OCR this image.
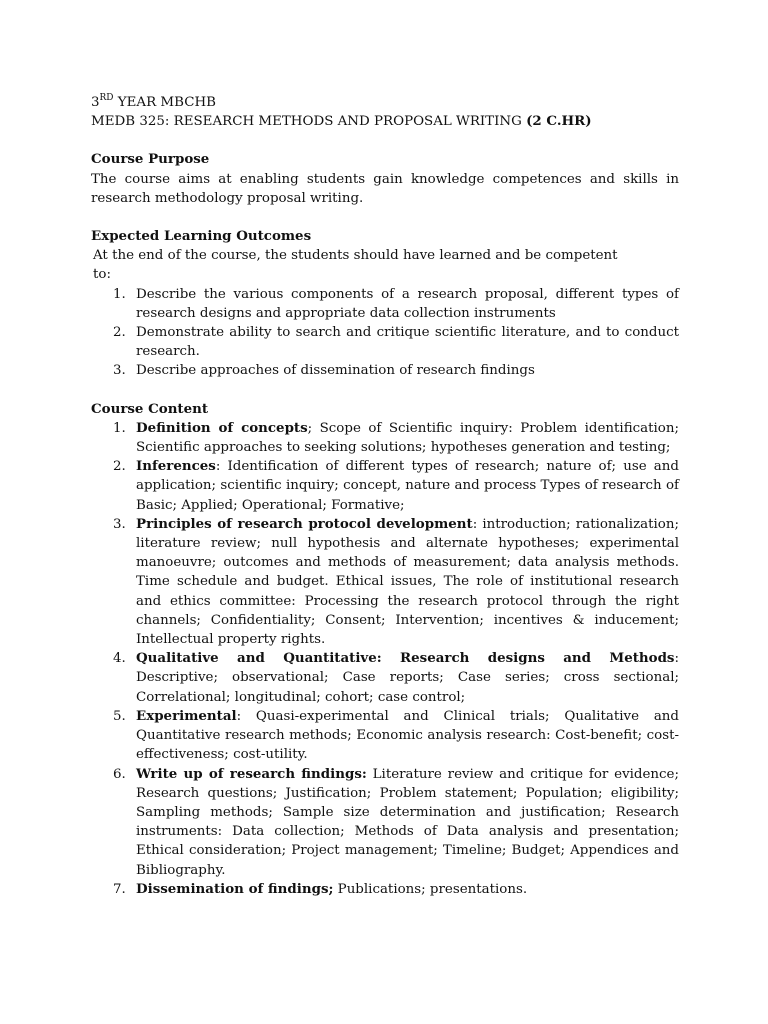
3RD YEAR MBCHB
MEDB 325: RESEARCH METHODS AND PROPOSAL WRITING (2 C.HR)
Course Purpose
The course aims at enabling students gain knowledge competences and skills in research methodology proposal writing.
Expected Learning Outcomes
At the end of the course, the students should have learned and be competent
to:
1. Describe the various components of a research proposal, different types of research designs and appropriate data collection instruments
2. Demonstrate ability to search and critique scientific literature, and to conduct research.
3. Describe approaches of dissemination of research findings
Course Content
1. Definition of concepts; Scope of Scientific inquiry: Problem identification; Scientific approaches to seeking solutions; hypotheses generation and testing;
2. Inferences: Identification of different types of research; nature of; use and application; scientific inquiry; concept, nature and process Types of research of Basic; Applied; Operational; Formative;
3. Principles of research protocol development: introduction; rationalization; literature review; null hypothesis and alternate hypotheses; experimental manoeuvre; outcomes and methods of measurement; data analysis methods. Time schedule and budget. Ethical issues, The role of institutional research and ethics committee: Processing the research protocol through the right channels; Confidentiality; Consent; Intervention; incentives & inducement; Intellectual property rights.
4. Qualitative and Quantitative: Research designs and Methods: Descriptive; observational; Case reports; Case series; cross sectional; Correlational; longitudinal; cohort; case control;
5. Experimental: Quasi-experimental and Clinical trials; Qualitative and Quantitative research methods; Economic analysis research: Cost-benefit; cost-effectiveness; cost-utility.
6. Write up of research findings: Literature review and critique for evidence; Research questions; Justification; Problem statement; Population; eligibility; Sampling methods; Sample size determination and justification; Research instruments: Data collection; Methods of Data analysis and presentation; Ethical consideration; Project management; Timeline; Budget; Appendices and Bibliography.
7. Dissemination of findings; Publications; presentations.
